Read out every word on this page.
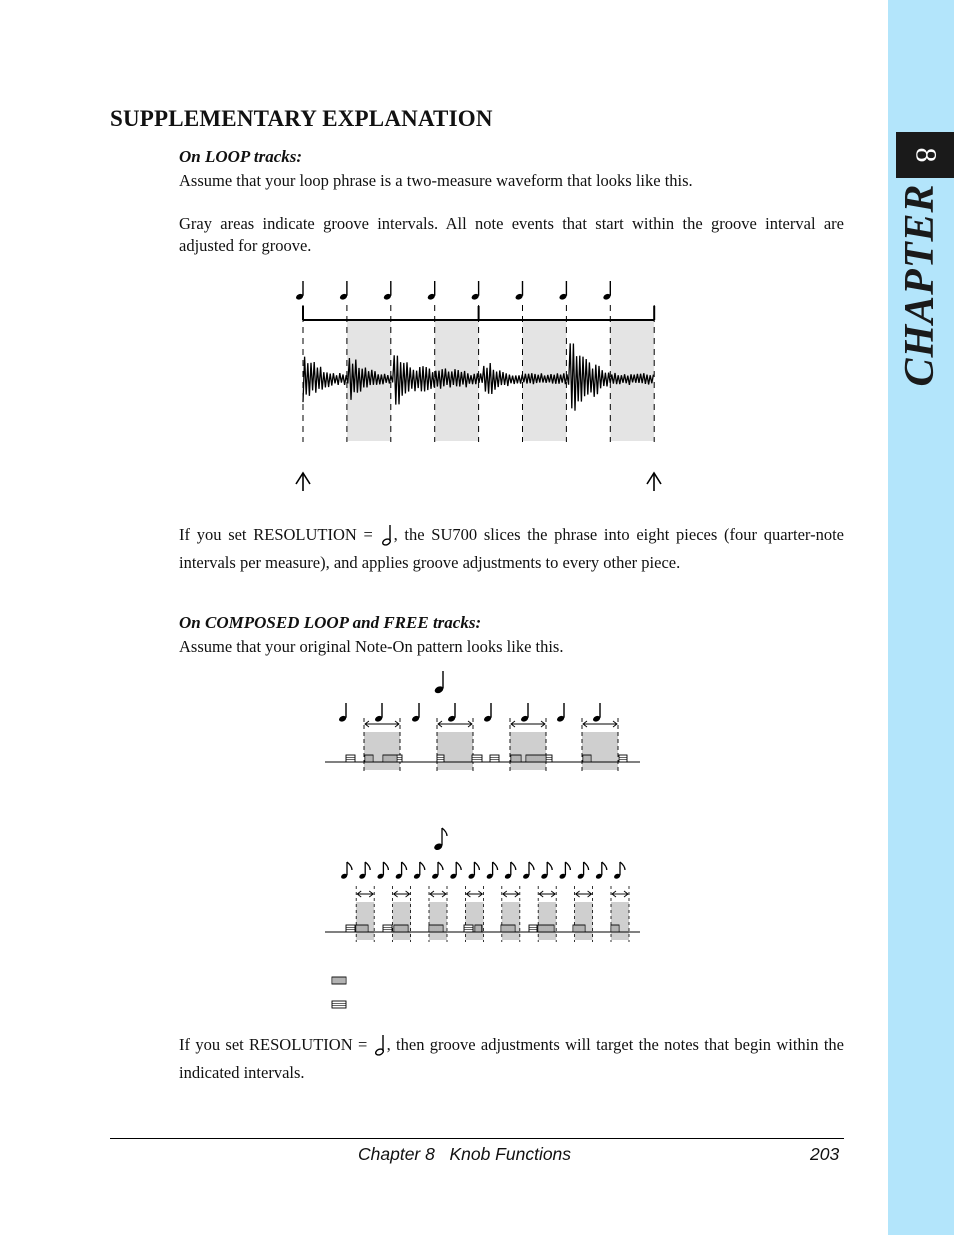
8
CHAPTER
SUPPLEMENTARY EXPLANATION
On LOOP tracks:
Assume that your loop phrase is a two-measure waveform that looks like this.
Gray areas indicate groove intervals. All note events that start within the groove interval are adjusted for groove.
If you set RESOLUTION = , the SU700 slices the phrase into eight pieces (four quarter-note intervals per measure), and applies groove adjustments to every other piece.
On COMPOSED LOOP and FREE tracks:
Assume that your original Note-On pattern looks like this.
If you set RESOLUTION = , then groove adjustments will target the notes that begin within the indicated intervals.
Chapter 8   Knob Functions	203
